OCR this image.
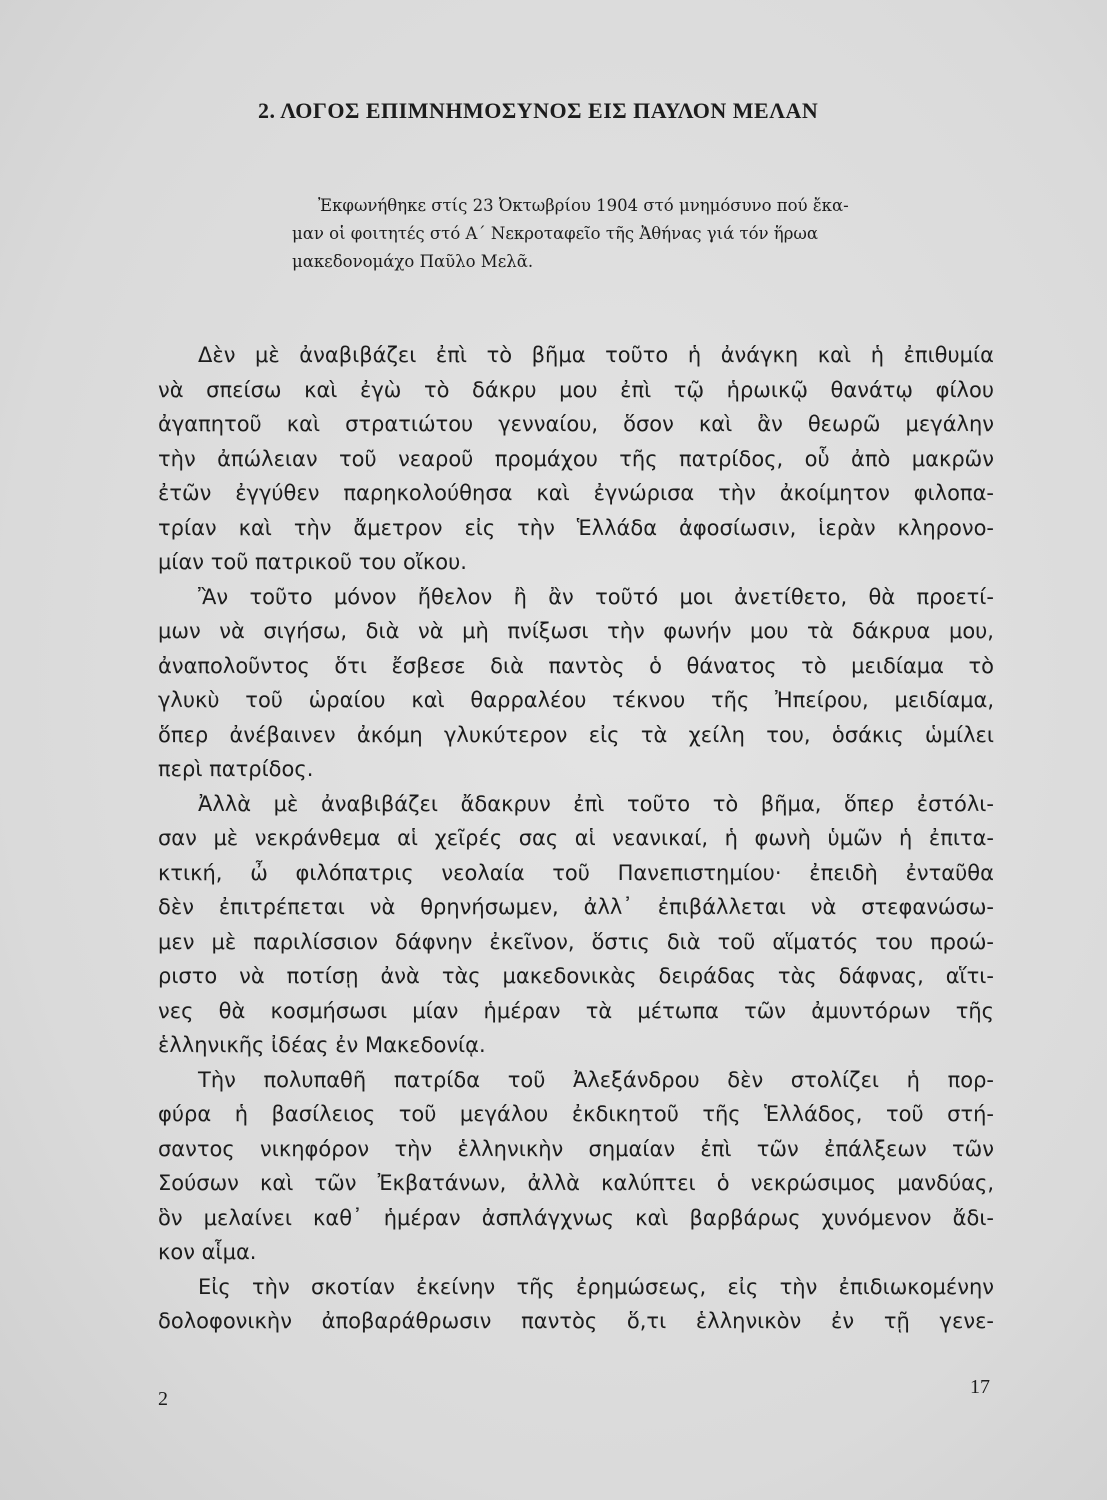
2. ΛΟΓΟΣ ΕΠΙΜΝΗΜΟΣΥΝΟΣ ΕΙΣ ΠΑΥΛΟΝ ΜΕΛΑΝ
Ἐκφωνήθηκε στίς 23 Ὀκτωβρίου 1904 στό μνημόσυνο πού ἔκα-
μαν οἱ φοιτητές στό Α΄ Νεκροταφεῖο τῆς Ἀθήνας γιά τόν ἥρωα
μακεδονομάχο Παῦλο Μελᾶ.
Δὲν μὲ ἀναβιβάζει ἐπὶ τὸ βῆμα τοῦτο ἡ ἀνάγκη καὶ ἡ ἐπιθυμία
νὰ σπείσω καὶ ἐγὼ τὸ δάκρυ μου ἐπὶ τῷ ἡρωικῷ θανάτῳ φίλου
ἀγαπητοῦ καὶ στρατιώτου γενναίου, ὅσον καὶ ἂν θεωρῶ μεγάλην
τὴν ἀπώλειαν τοῦ νεαροῦ προμάχου τῆς πατρίδος, οὗ ἀπὸ μακρῶν
ἐτῶν ἐγγύθεν παρηκολούθησα καὶ ἐγνώρισα τὴν ἀκοίμητον φιλοπα-
τρίαν καὶ τὴν ἄμετρον εἰς τὴν Ἑλλάδα ἀφοσίωσιν, ἱερὰν κληρονο-
μίαν τοῦ πατρικοῦ του οἴκου.
Ἂν τοῦτο μόνον ἤθελον ἢ ἂν τοῦτό μοι ἀνετίθετο, θὰ προετί-
μων νὰ σιγήσω, διὰ νὰ μὴ πνίξωσι τὴν φωνήν μου τὰ δάκρυα μου,
ἀναπολοῦντος ὅτι ἔσβεσε διὰ παντὸς ὁ θάνατος τὸ μειδίαμα τὸ
γλυκὺ τοῦ ὡραίου καὶ θαρραλέου τέκνου τῆς Ἠπείρου, μειδίαμα,
ὅπερ ἀνέβαινεν ἀκόμη γλυκύτερον εἰς τὰ χείλη του, ὁσάκις ὡμίλει
περὶ πατρίδος.
Ἀλλὰ μὲ ἀναβιβάζει ἄδακρυν ἐπὶ τοῦτο τὸ βῆμα, ὅπερ ἐστόλι-
σαν μὲ νεκράνθεμα αἱ χεῖρές σας αἱ νεανικαί, ἡ φωνὴ ὑμῶν ἡ ἐπιτα-
κτική, ὦ φιλόπατρις νεολαία τοῦ Πανεπιστημίου· ἐπειδὴ ἐνταῦθα
δὲν ἐπιτρέπεται νὰ θρηνήσωμεν, ἀλλ᾽ ἐπιβάλλεται νὰ στεφανώσω-
μεν μὲ παριλίσσιον δάφνην ἐκεῖνον, ὅστις διὰ τοῦ αἵματός του προώ-
ριστο νὰ ποτίσῃ ἀνὰ τὰς μακεδονικὰς δειράδας τὰς δάφνας, αἵτι-
νες θὰ κοσμήσωσι μίαν ἡμέραν τὰ μέτωπα τῶν ἀμυντόρων τῆς
ἑλληνικῆς ἰδέας ἐν Μακεδονίᾳ.
Τὴν πολυπαθῆ πατρίδα τοῦ Ἀλεξάνδρου δὲν στολίζει ἡ πορ-
φύρα ἡ βασίλειος τοῦ μεγάλου ἐκδικητοῦ τῆς Ἑλλάδος, τοῦ στή-
σαντος νικηφόρον τὴν ἑλληνικὴν σημαίαν ἐπὶ τῶν ἐπάλξεων τῶν
Σούσων καὶ τῶν Ἐκβατάνων, ἀλλὰ καλύπτει ὁ νεκρώσιμος μανδύας,
ὃν μελαίνει καθ᾽ ἡμέραν ἀσπλάγχνως καὶ βαρβάρως χυνόμενον ἄδι-
κον αἷμα.
Εἰς τὴν σκοτίαν ἐκείνην τῆς ἐρημώσεως, εἰς τὴν ἐπιδιωκομένην
δολοφονικὴν ἀποβαράθρωσιν παντὸς ὅ,τι ἑλληνικὸν ἐν τῇ γενε-
2
17
